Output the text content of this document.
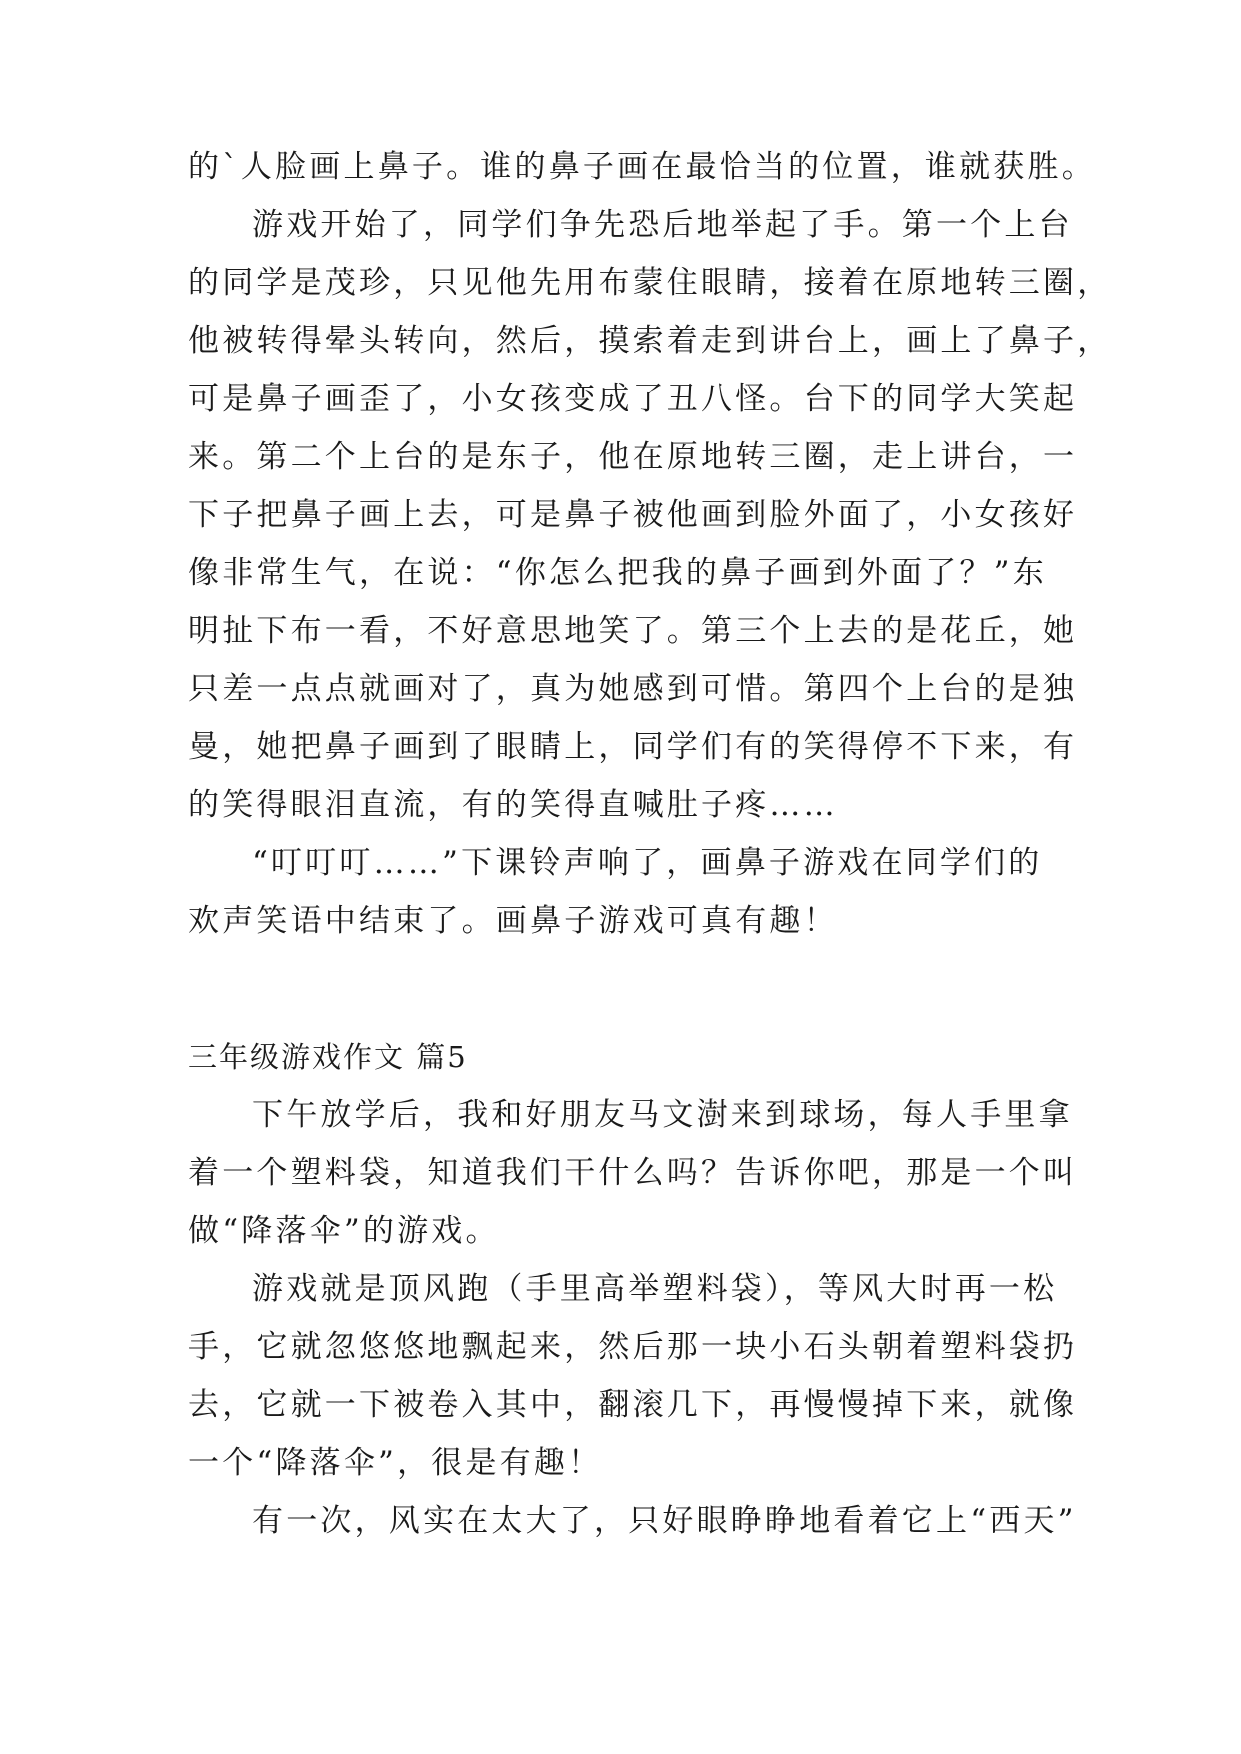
的`人脸画上鼻子。谁的鼻子画在最恰当的位置，谁就获胜。
游戏开始了，同学们争先恐后地举起了手。第一个上台
的同学是茂珍，只见他先用布蒙住眼睛，接着在原地转三圈，
他被转得晕头转向，然后，摸索着走到讲台上，画上了鼻子，
可是鼻子画歪了，小女孩变成了丑八怪。台下的同学大笑起
来。第二个上台的是东子，他在原地转三圈，走上讲台，一
下子把鼻子画上去，可是鼻子被他画到脸外面了，小女孩好
像非常生气，在说：“你怎么把我的鼻子画到外面了？”东
明扯下布一看，不好意思地笑了。第三个上去的是花丘，她
只差一点点就画对了，真为她感到可惜。第四个上台的是独
曼，她把鼻子画到了眼睛上，同学们有的笑得停不下来，有
的笑得眼泪直流，有的笑得直喊肚子疼……
“叮叮叮……”下课铃声响了，画鼻子游戏在同学们的
欢声笑语中结束了。画鼻子游戏可真有趣！
三年级游戏作文 篇5
下午放学后，我和好朋友马文澍来到球场，每人手里拿
着一个塑料袋，知道我们干什么吗？告诉你吧，那是一个叫
做“降落伞”的游戏。
游戏就是顶风跑（手里高举塑料袋），等风大时再一松
手，它就忽悠悠地飘起来，然后那一块小石头朝着塑料袋扔
去，它就一下被卷入其中，翻滚几下，再慢慢掉下来，就像
一个“降落伞”，很是有趣！
有一次，风实在太大了，只好眼睁睁地看着它上“西天”
